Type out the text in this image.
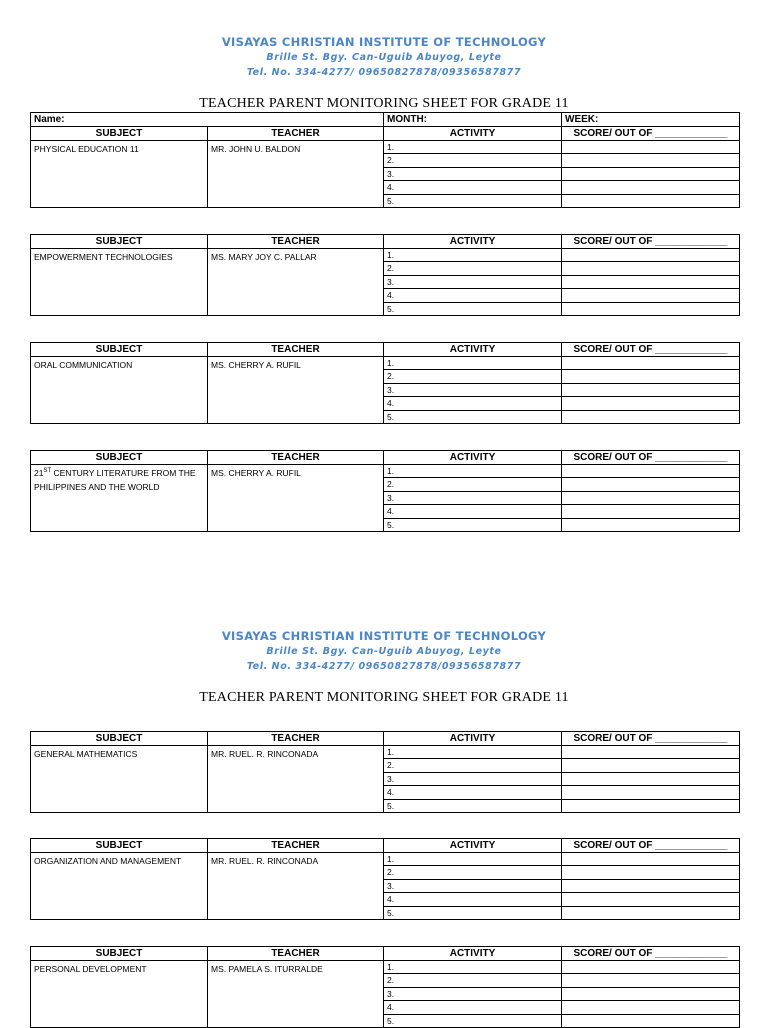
VISAYAS CHRISTIAN INSTITUTE OF TECHNOLOGY
Brille St. Bgy. Can-Uguib Abuyog, Leyte
Tel. No. 334-4277/ 09650827878/09356587877
TEACHER PARENT MONITORING SHEET FOR GRADE 11
Name:		MONTH:	WEEK:
SUBJECT	TEACHER	ACTIVITY	SCORE/ OUT OF _____________
PHYSICAL EDUCATION 11	MR. JOHN U. BALDON	1.	
		2.	
		3.	
		4.	
		5.	
SUBJECT	TEACHER	ACTIVITY	SCORE/ OUT OF _____________
EMPOWERMENT TECHNOLOGIES	MS. MARY JOY C. PALLAR	1.	
		2.	
		3.	
		4.	
		5.	
SUBJECT	TEACHER	ACTIVITY	SCORE/ OUT OF _____________
ORAL COMMUNICATION	MS. CHERRY A. RUFIL	1.	
		2.	
		3.	
		4.	
		5.	
SUBJECT	TEACHER	ACTIVITY	SCORE/ OUT OF _____________
21ST CENTURY LITERATURE FROM THE PHILIPPINES AND THE WORLD	MS. CHERRY A. RUFIL	1.	
		2.	
		3.	
		4.	
		5.	
VISAYAS CHRISTIAN INSTITUTE OF TECHNOLOGY
Brille St. Bgy. Can-Uguib Abuyog, Leyte
Tel. No. 334-4277/ 09650827878/09356587877
TEACHER PARENT MONITORING SHEET FOR GRADE 11
SUBJECT	TEACHER	ACTIVITY	SCORE/ OUT OF _____________
GENERAL MATHEMATICS	MR. RUEL. R. RINCONADA	1.	
		2.	
		3.	
		4.	
		5.	
SUBJECT	TEACHER	ACTIVITY	SCORE/ OUT OF _____________
ORGANIZATION AND MANAGEMENT	MR. RUEL. R. RINCONADA	1.	
		2.	
		3.	
		4.	
		5.	
SUBJECT	TEACHER	ACTIVITY	SCORE/ OUT OF _____________
PERSONAL DEVELOPMENT	MS. PAMELA S. ITURRALDE	1.	
		2.	
		3.	
		4.	
		5.	
